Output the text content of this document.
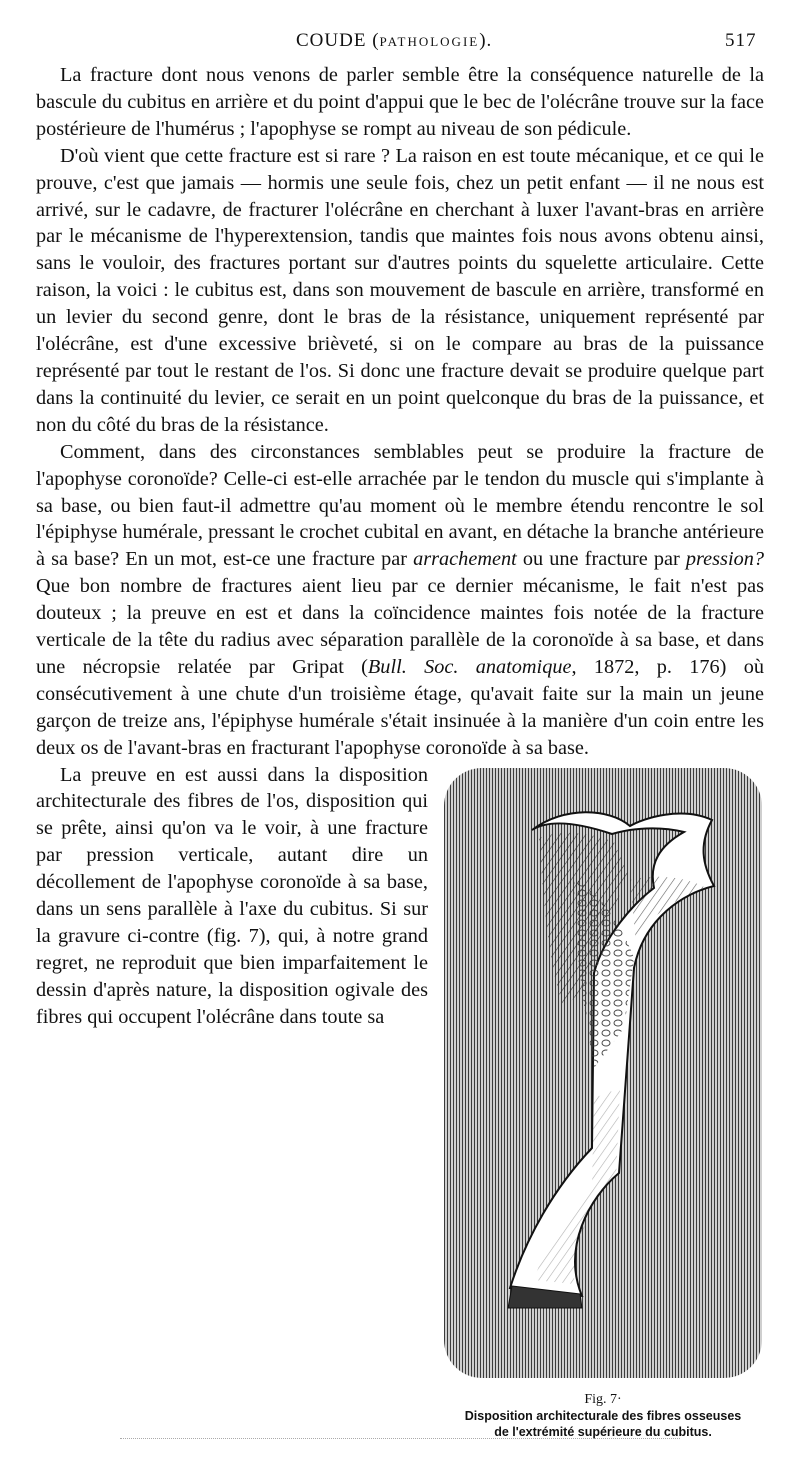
COUDE (PATHOLOGIE).	517

La fracture dont nous venons de parler semble être la conséquence naturelle de la bascule du cubitus en arrière et du point d'appui que le bec de l'olécrâne trouve sur la face postérieure de l'humérus ; l'apophyse se rompt au niveau de son pédicule.

D'où vient que cette fracture est si rare ? La raison en est toute mécanique, et ce qui le prouve, c'est que jamais — hormis une seule fois, chez un petit enfant — il ne nous est arrivé, sur le cadavre, de fracturer l'olécrâne en cherchant à luxer l'avant-bras en arrière par le mécanisme de l'hyperextension, tandis que maintes fois nous avons obtenu ainsi, sans le vouloir, des fractures portant sur d'autres points du squelette articulaire. Cette raison, la voici : le cubitus est, dans son mouvement de bascule en arrière, transformé en un levier du second genre, dont le bras de la résistance, uniquement représenté par l'olécrâne, est d'une excessive brièveté, si on le compare au bras de la puissance représenté par tout le restant de l'os. Si donc une fracture devait se produire quelque part dans la continuité du levier, ce serait en un point quelconque du bras de la puissance, et non du côté du bras de la résistance.

Comment, dans des circonstances semblables peut se produire la fracture de l'apophyse coronoïde? Celle-ci est-elle arrachée par le tendon du muscle qui s'implante à sa base, ou bien faut-il admettre qu'au moment où le membre étendu rencontre le sol l'épiphyse humérale, pressant le crochet cubital en avant, en détache la branche antérieure à sa base? En un mot, est-ce une fracture par arrachement ou une fracture par pression? Que bon nombre de fractures aient lieu par ce dernier mécanisme, le fait n'est pas douteux ; la preuve en est et dans la coïncidence maintes fois notée de la fracture verticale de la tête du radius avec séparation parallèle de la coronoïde à sa base, et dans une nécropsie relatée par Gripat (Bull. Soc. anatomique, 1872, p. 176) où consécutivement à une chute d'un troisième étage, qu'avait faite sur la main un jeune garçon de treize ans, l'épiphyse humérale s'était insinuée à la manière d'un coin entre les deux os de l'avant-bras en fracturant l'apophyse coronoïde à sa base.

Fig. 7·
Disposition architecturale des fibres osseuses
de l'extrémité supérieure du cubitus.

La preuve en est aussi dans la disposition architecturale des fibres de l'os, disposition qui se prête, ainsi qu'on va le voir, à une fracture par pression verticale, autant dire un décollement de l'apophyse coronoïde à sa base, dans un sens parallèle à l'axe du cubitus. Si sur la gravure ci-contre (fig. 7), qui, à notre grand regret, ne reproduit que bien imparfaitement le dessin d'après nature, la disposition ogivale des fibres qui occupent l'olécrâne dans toute sa
